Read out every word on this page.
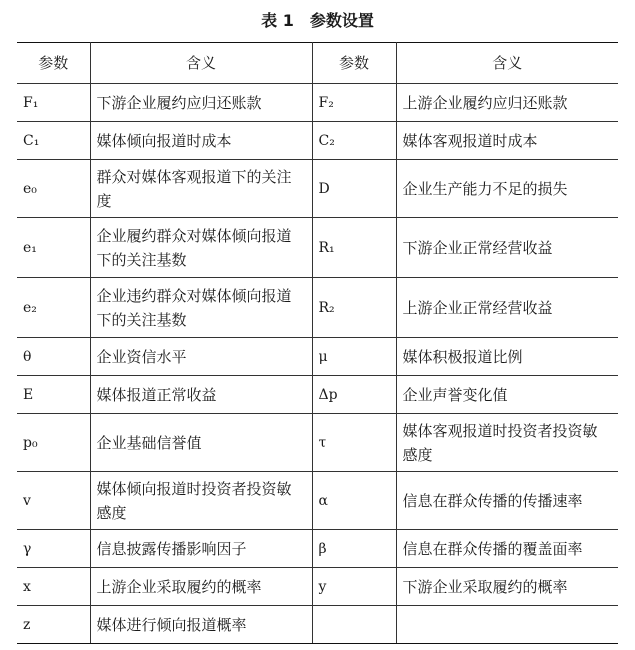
表 1　参数设置
参数	含义	参数	含义
F₁	下游企业履约应归还账款	F₂	上游企业履约应归还账款
C₁	媒体倾向报道时成本	C₂	媒体客观报道时成本
e₀	群众对媒体客观报道下的关注度	D	企业生产能力不足的损失
e₁	企业履约群众对媒体倾向报道下的关注基数	R₁	下游企业正常经营收益
e₂	企业违约群众对媒体倾向报道下的关注基数	R₂	上游企业正常经营收益
θ	企业资信水平	μ	媒体积极报道比例
E	媒体报道正常收益	Δp	企业声誉变化值
p₀	企业基础信誉值	τ	媒体客观报道时投资者投资敏感度
v	媒体倾向报道时投资者投资敏感度	α	信息在群众传播的传播速率
γ	信息披露传播影响因子	β	信息在群众传播的覆盖面率
x	上游企业采取履约的概率	y	下游企业采取履约的概率
z	媒体进行倾向报道概率		
